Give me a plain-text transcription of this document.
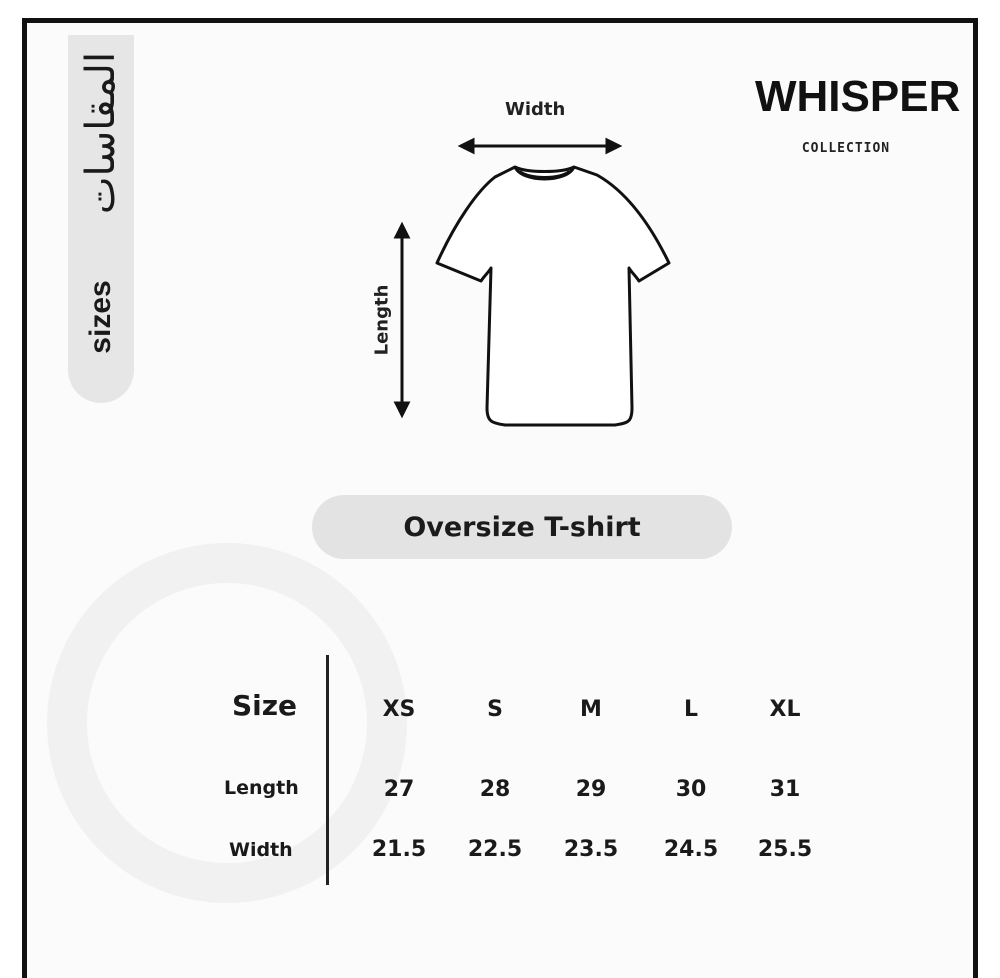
المقاسات
sizes
WHISPER
COLLECTION
Width
Length
Oversize T-shirt
Size	XS	S	M	L	XL
Length	27	28	29	30	31
Width	21.5	22.5	23.5	24.5	25.5
